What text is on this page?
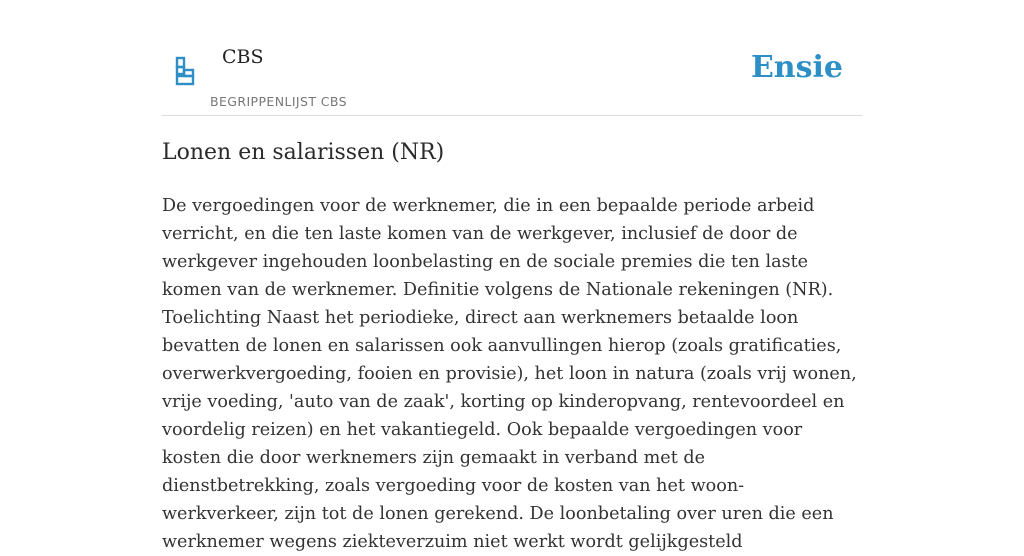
CBS
BEGRIPPENLIJST CBS
Ensie
Lonen en salarissen (NR)

De vergoedingen voor de werknemer, die in een bepaalde periode arbeid verricht, en die ten laste komen van de werkgever, inclusief de door de werkgever ingehouden loonbelasting en de sociale premies die ten laste komen van de werknemer. Definitie volgens de Nationale rekeningen (NR). Toelichting Naast het periodieke, direct aan werknemers betaalde loon bevatten de lonen en salarissen ook aanvullingen hierop (zoals gratificaties, overwerkvergoeding, fooien en provisie), het loon in natura (zoals vrij wonen, vrije voeding, 'auto van de zaak', korting op kinderopvang, rentevoordeel en voordelig reizen) en het vakantiegeld. Ook bepaalde vergoedingen voor kosten die door werknemers zijn gemaakt in verband met de dienstbetrekking, zoals vergoeding voor de kosten van het woon- werkverkeer, zijn tot de lonen gerekend. De loonbetaling over uren die een werknemer wegens ziekteverzuim niet werkt wordt gelijkgesteld
